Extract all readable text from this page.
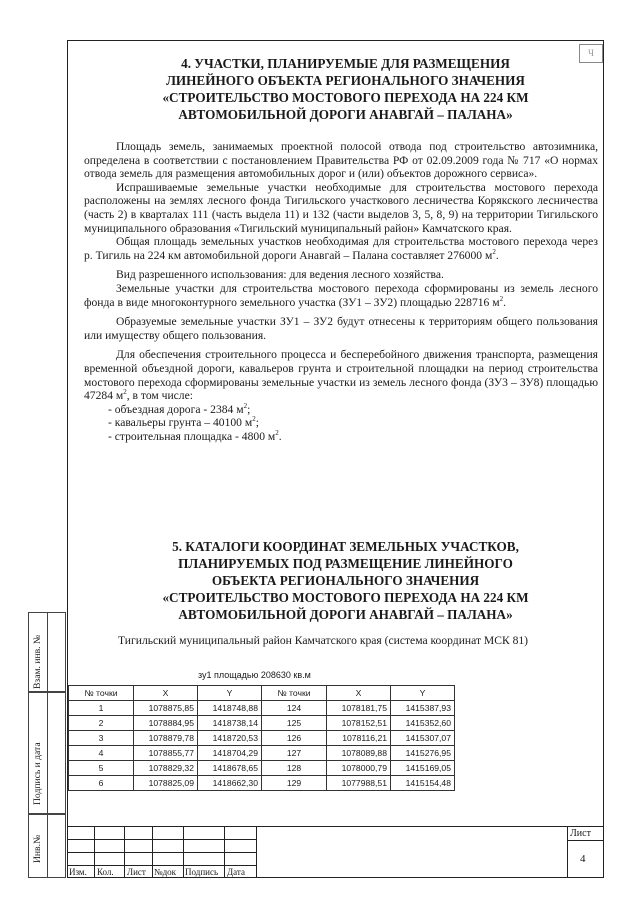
Ч
4. УЧАСТКИ, ПЛАНИРУЕМЫЕ ДЛЯ РАЗМЕЩЕНИЯ
ЛИНЕЙНОГО ОБЪЕКТА РЕГИОНАЛЬНОГО ЗНАЧЕНИЯ
«СТРОИТЕЛЬСТВО МОСТОВОГО ПЕРЕХОДА НА 224 КМ
АВТОМОБИЛЬНОЙ ДОРОГИ АНАВГАЙ – ПАЛАНА»

Площадь земель, занимаемых проектной полосой отвода под строительство автозимника, определена в соответствии с постановлением Правительства РФ от 02.09.2009 года № 717 «О нормах отвода земель для размещения автомобильных дорог и (или) объектов дорожного сервиса».

Испрашиваемые земельные участки необходимые для строительства мостового перехода расположены на землях лесного фонда Тигильского участкового лесничества Корякского лесничества (часть 2) в кварталах 111 (часть выдела 11) и 132 (части выделов 3, 5, 8, 9) на территории Тигильского муниципального образования «Тигильский муниципальный район» Камчатского края.

Общая площадь земельных участков необходимая для строительства мостового перехода через р. Тигиль на 224 км автомобильной дороги Анавгай – Палана составляет 276000 $м^2$.

Вид разрешенного использования: для ведения лесного хозяйства.

Земельные участки для строительства мостового перехода сформированы из земель лесного фонда в виде многоконтурного земельного участка (ЗУ1 – ЗУ2) площадью 228716 $м^2$.

Образуемые земельные участки ЗУ1 – ЗУ2 будут отнесены к территориям общего пользования или имуществу общего пользования.

Для обеспечения строительного процесса и бесперебойного движения транспорта, размещения временной объездной дороги, кавальеров грунта и строительной площадки на период строительства мостового перехода сформированы земельные участки из земель лесного фонда (ЗУ3 – ЗУ8) площадью 47284 $м^2$, в том числе:

- объездная дорога - 2384 $м^2$;

- кавальеры грунта – 40100 $м^2$;

- строительная площадка - 4800 $м^2$.

5. КАТАЛОГИ КООРДИНАТ ЗЕМЕЛЬНЫХ УЧАСТКОВ,
ПЛАНИРУЕМЫХ ПОД РАЗМЕЩЕНИЕ ЛИНЕЙНОГО
ОБЪЕКТА РЕГИОНАЛЬНОГО ЗНАЧЕНИЯ
«СТРОИТЕЛЬСТВО МОСТОВОГО ПЕРЕХОДА НА 224 КМ
АВТОМОБИЛЬНОЙ ДОРОГИ АНАВГАЙ – ПАЛАНА»
Тигильский муниципальный район Камчатского края (система координат МСК 81)
зу1 площадью 208630 кв.м
№ точки	X	Y	№ точки	X	Y
1	1078875,85	1418748,88	124	1078181,75	1415387,93
2	1078884,95	1418738,14	125	1078152,51	1415352,60
3	1078879,78	1418720,53	126	1078116,21	1415307,07
4	1078855,77	1418704,29	127	1078089,88	1415276,95
5	1078829,32	1418678,65	128	1078000,79	1415169,05
6	1078825,09	1418662,30	129	1077988,51	1415154,48
Взам. инв. №
Подпись и дата
Инв.№
Изм. Кол. Лист №док Подпись Дата
Лист
4
